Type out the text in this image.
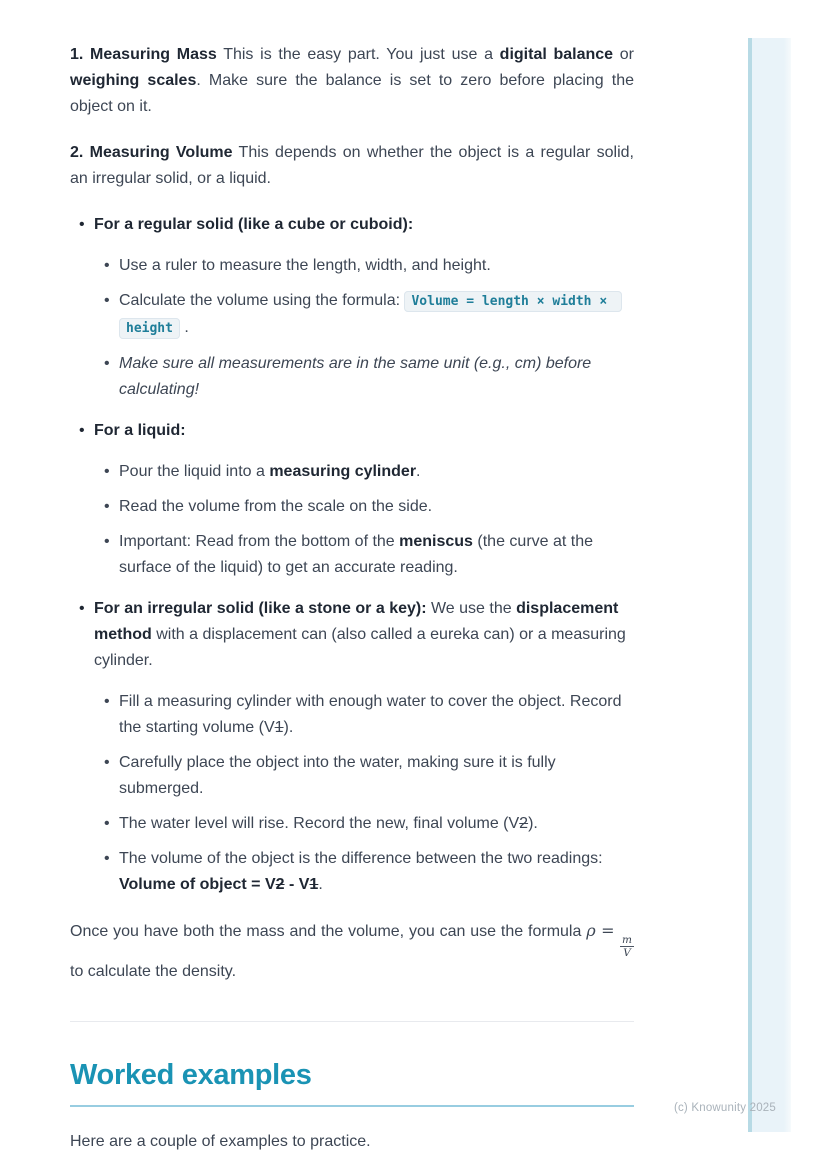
1. Measuring Mass This is the easy part. You just use a digital balance or weighing scales. Make sure the balance is set to zero before placing the object on it.

2. Measuring Volume This depends on whether the object is a regular solid, an irregular solid, or a liquid.

• For a regular solid (like a cube or cuboid):
• Use a ruler to measure the length, width, and height.
• Calculate the volume using the formula: Volume = length × width × height .
• Make sure all measurements are in the same unit (e.g., cm) before calculating!
• For a liquid:
• Pour the liquid into a measuring cylinder.
• Read the volume from the scale on the side.
• Important: Read from the bottom of the meniscus (the curve at the surface of the liquid) to get an accurate reading.
• For an irregular solid (like a stone or a key): We use the displacement method with a displacement can (also called a eureka can) or a measuring cylinder.
• Fill a measuring cylinder with enough water to cover the object. Record the starting volume (V1).
• Carefully place the object into the water, making sure it is fully submerged.
• The water level will rise. Record the new, final volume (V2).
• The volume of the object is the difference between the two readings: Volume of object = V2 - V1.

Once you have both the mass and the volume, you can use the formula ρ =
$\frac{m}{V}$
to calculate the density.

Worked examples

Here are a couple of examples to practice.

(c) Knowunity 2025
